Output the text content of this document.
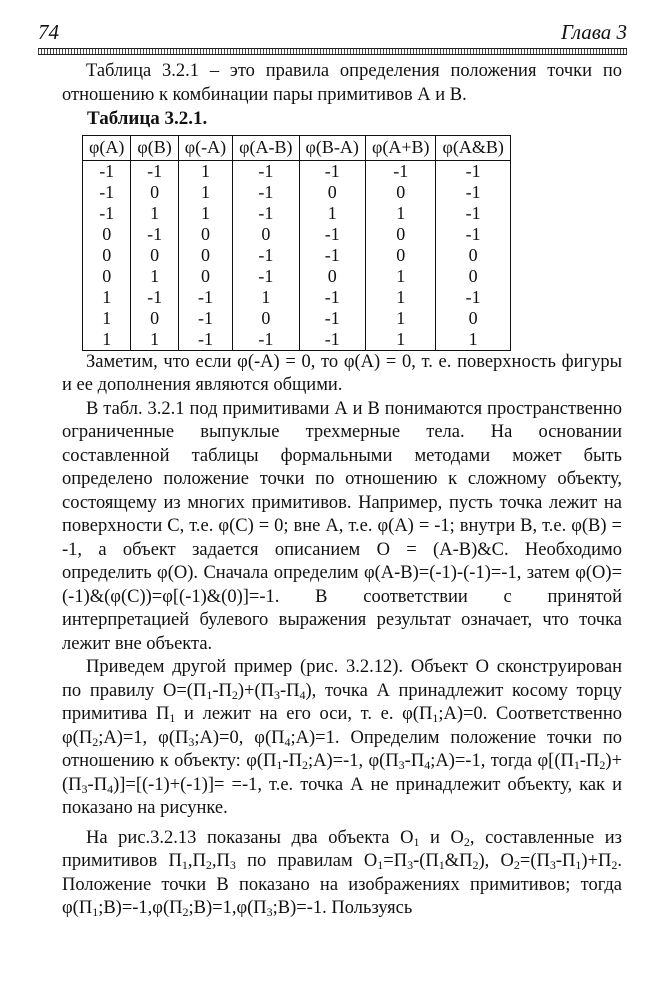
74	Глава 3

Таблица 3.2.1 – это правила определения положения точки по отношению к комбинации пары примитивов А и В.

Таблица 3.2.1.
φ(A)	φ(B)	φ(-A)	φ(A-B)	φ(B-A)	φ(A+B)	φ(A&B)
-1	-1	1	-1	-1	-1	-1
-1	0	1	-1	0	0	-1
-1	1	1	-1	1	1	-1
0	-1	0	0	-1	0	-1
0	0	0	-1	-1	0	0
0	1	0	-1	0	1	0
1	-1	-1	1	-1	1	-1
1	0	-1	0	-1	1	0
1	1	-1	-1	-1	1	1

Заметим, что если φ(-A) = 0, то φ(A) = 0, т. е. поверхность фигуры и ее дополнения являются общими.

В табл. 3.2.1 под примитивами А и В понимаются пространственно ограниченные выпуклые трехмерные тела. На основании составленной таблицы формальными методами может быть определено положение точки по отношению к сложному объекту, состоящему из многих примитивов. Например, пусть точка лежит на поверхности С, т.е. φ(C) = 0; вне А, т.е. φ(A) = -1; внутри В, т.е. φ(B) = -1, а объект задается описанием О = (А-В)&С. Необходимо определить φ(О). Сначала определим φ(А-В)=(-1)-(-1)=-1, затем φ(O)=(-1)&(φ(C))=φ[(-1)&(0)]=-1. В соответствии с принятой интерпретацией булевого выражения результат означает, что точка лежит вне объекта.

Приведем другой пример (рис. 3.2.12). Объект О сконструирован по правилу $O=(П_1-П_2)+(П_3-П_4)$, точка А принадлежит косому торцу примитива $П_1$ и лежит на его оси, т. е. $\varphi(П_1;A)=0$. Соответственно $\varphi(П_2;A)=1$, $\varphi(П_3;A)=0$, $\varphi(П_4;A)=1$. Определим положение точки по отношению к объекту: $\varphi(П_1-П_2;A)=-1$, $\varphi(П_3-П_4;A)=-1$, тогда $\varphi[(П_1-П_2)+(П_3-П_4)]=[(-1)+(-1)]= =-1$, т.е. точка А не принадлежит объекту, как и показано на рисунке.

На рис.3.2.13 показаны два объекта $O_1$ и $O_2$, составленные из примитивов $П_1,П_2,П_3$ по правилам $O_1=П_3-(П_1\&П_2)$, $O_2=(П_3-П_1)+П_2$. Положение точки В показано на изображениях примитивов; тогда $\varphi(П_1;B)=-1,\varphi(П_2;B)=1,\varphi(П_3;B)=-1$. Пользуясь
